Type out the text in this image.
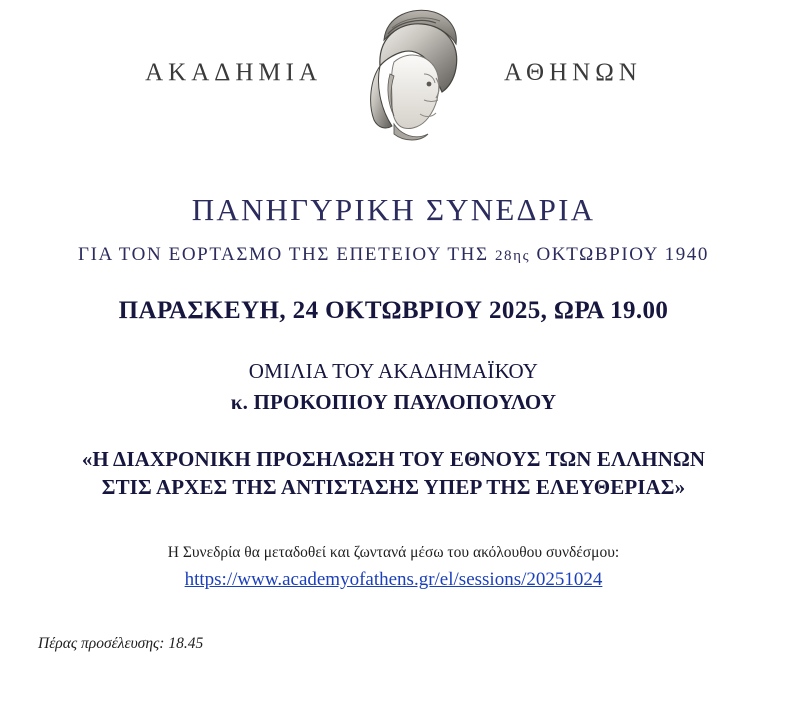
ΑΚΑΔΗΜΙΑ	ΑΘΗΝΩΝ
ΠΑΝΗΓΥΡΙΚΗ ΣΥΝΕΔΡΙΑ
ΓΙΑ ΤΟΝ ΕΟΡΤΑΣΜΟ ΤΗΣ ΕΠΕΤΕΙΟΥ ΤΗΣ 28ης ΟΚΤΩΒΡΙΟΥ 1940
ΠΑΡΑΣΚΕΥΗ, 24 ΟΚΤΩΒΡΙΟΥ 2025, ΩΡΑ 19.00
ΟΜΙΛΙΑ ΤΟΥ ΑΚΑΔΗΜΑΪΚΟΥ
κ. ΠΡΟΚΟΠΙΟΥ ΠΑΥΛΟΠΟΥΛΟΥ
«Η ΔΙΑΧΡΟΝΙΚΗ ΠΡΟΣΗΛΩΣΗ ΤΟΥ ΕΘΝΟΥΣ ΤΩΝ ΕΛΛΗΝΩΝ
ΣΤΙΣ ΑΡΧΕΣ ΤΗΣ ΑΝΤΙΣΤΑΣΗΣ ΥΠΕΡ ΤΗΣ ΕΛΕΥΘΕΡΙΑΣ»
Η Συνεδρία θα μεταδοθεί και ζωντανά μέσω του ακόλουθου συνδέσμου:
https://www.academyofathens.gr/el/sessions/20251024
Πέρας προσέλευσης: 18.45
